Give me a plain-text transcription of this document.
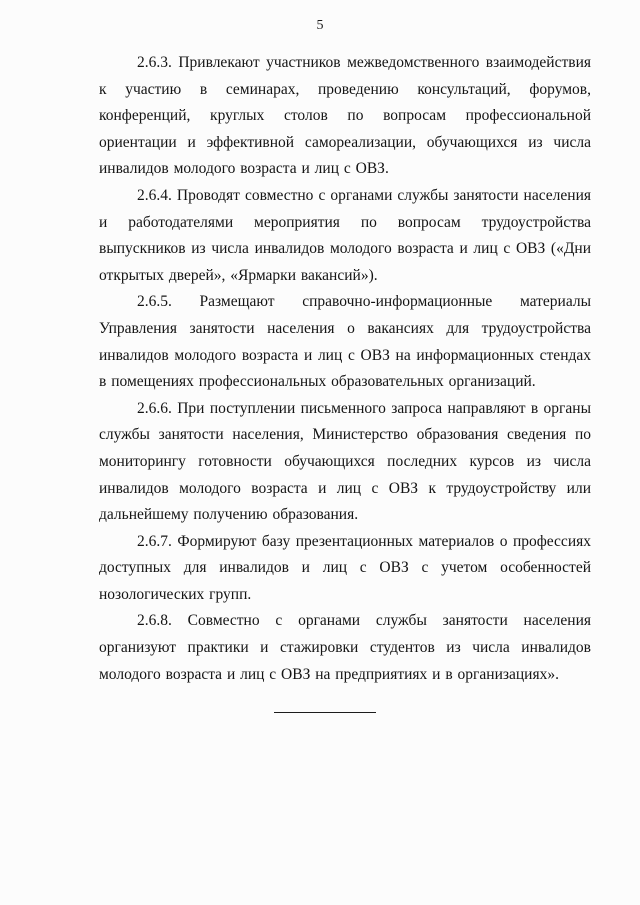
5

2.6.3. Привлекают участников межведомственного взаимодействия к участию в семинарах, проведению консультаций, форумов, конференций, круглых столов по вопросам профессиональной ориентации и эффективной самореализации, обучающихся из числа инвалидов молодого возраста и лиц с ОВЗ.

2.6.4. Проводят совместно с органами службы занятости населения и работодателями мероприятия по вопросам трудоустройства выпускников из числа инвалидов молодого возраста и лиц с ОВЗ («Дни открытых дверей», «Ярмарки вакансий»).

2.6.5. Размещают справочно-информационные материалы Управления занятости населения о вакансиях для трудоустройства инвалидов молодого возраста и лиц с ОВЗ на информационных стендах в помещениях профессиональных образовательных организаций.

2.6.6. При поступлении письменного запроса направляют в органы службы занятости населения, Министерство образования сведения по мониторингу готовности обучающихся последних курсов из числа инвалидов молодого возраста и лиц с ОВЗ к трудоустройству или дальнейшему получению образования.

2.6.7. Формируют базу презентационных материалов о профессиях доступных для инвалидов и лиц с ОВЗ с учетом особенностей нозологических групп.

2.6.8. Совместно с органами службы занятости населения организуют практики и стажировки студентов из числа инвалидов молодого возраста и лиц с ОВЗ на предприятиях и в организациях».
